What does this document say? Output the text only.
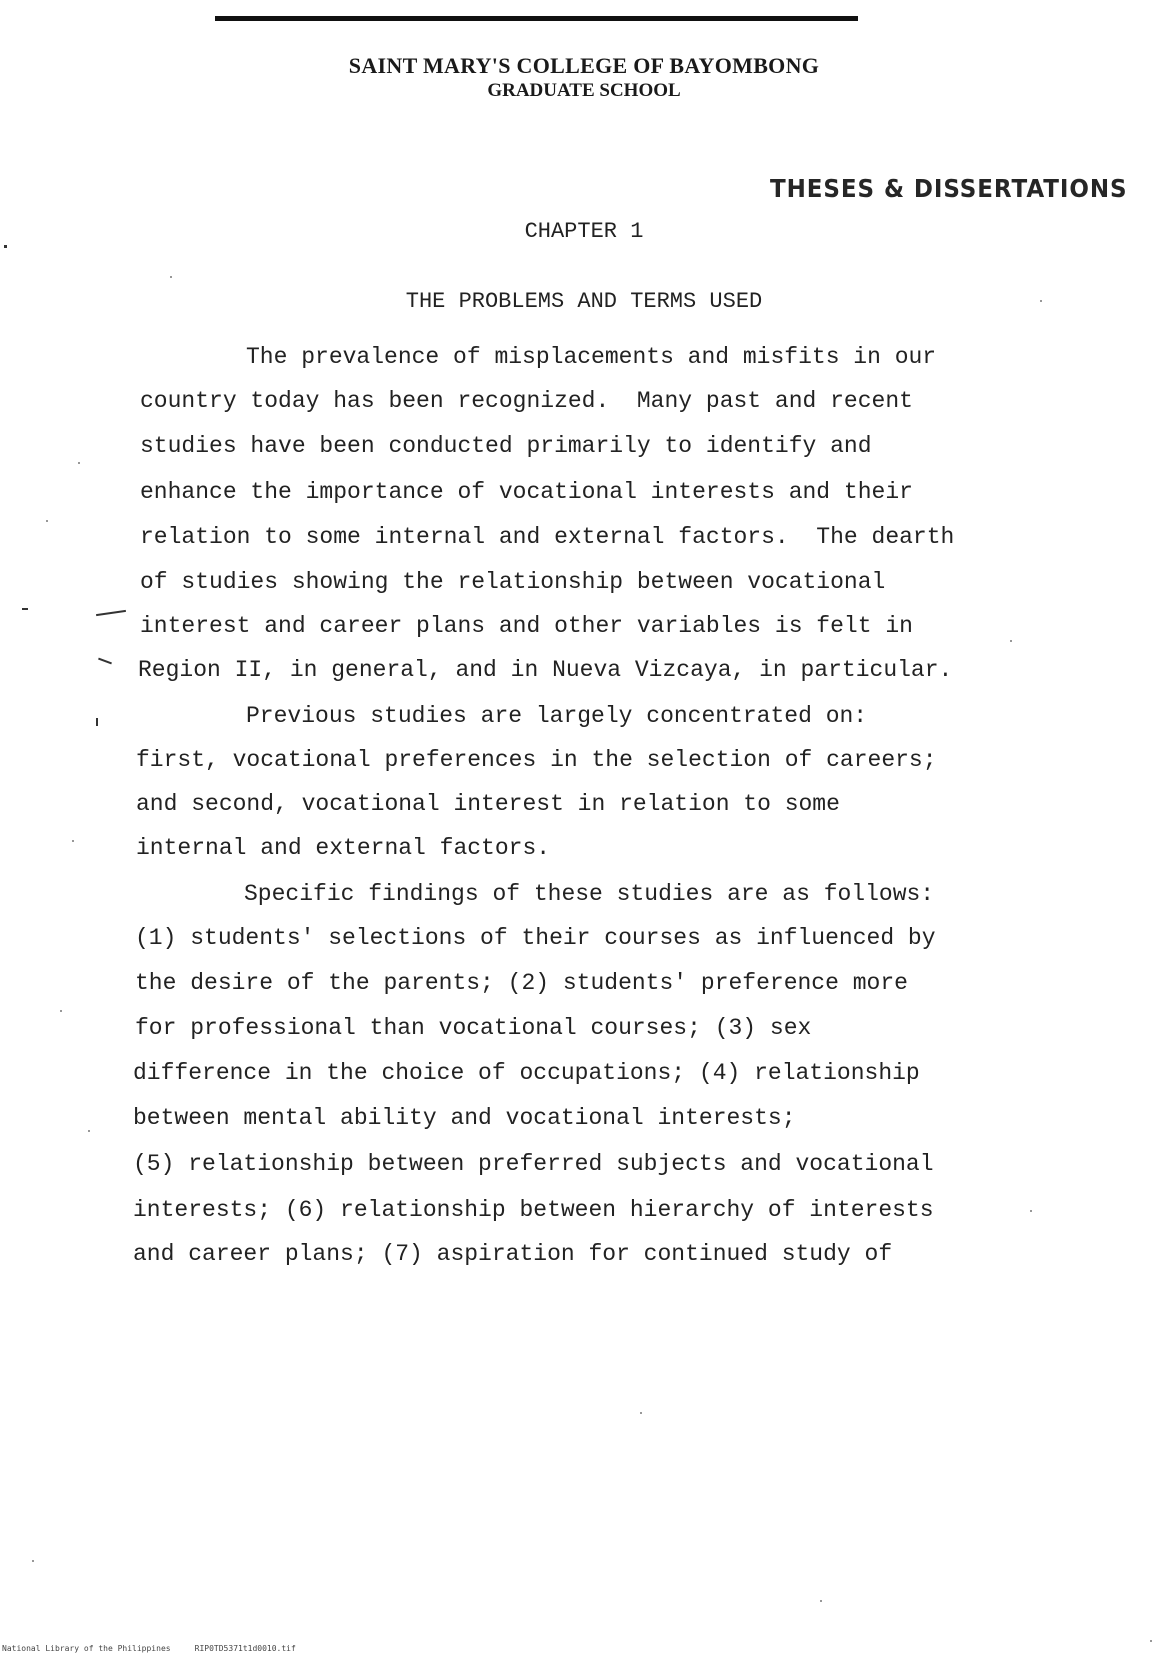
SAINT MARY'S COLLEGE OF BAYOMBONG
GRADUATE SCHOOL
THESES & DISSERTATIONS
CHAPTER 1
THE PROBLEMS AND TERMS USED
The prevalence of misplacements and misfits in our
country today has been recognized.  Many past and recent
studies have been conducted primarily to identify and
enhance the importance of vocational interests and their
relation to some internal and external factors.  The dearth
of studies showing the relationship between vocational
interest and career plans and other variables is felt in
Region II, in general, and in Nueva Vizcaya, in particular.
Previous studies are largely concentrated on:
first, vocational preferences in the selection of careers;
and second, vocational interest in relation to some
internal and external factors.
Specific findings of these studies are as follows:
(1) students' selections of their courses as influenced by
the desire of the parents; (2) students' preference more
for professional than vocational courses; (3) sex
difference in the choice of occupations; (4) relationship
between mental ability and vocational interests;
(5) relationship between preferred subjects and vocational
interests; (6) relationship between hierarchy of interests
and career plans; (7) aspiration for continued study of
National Library of the Philippines     RIP0TD5371t1d0010.tif
